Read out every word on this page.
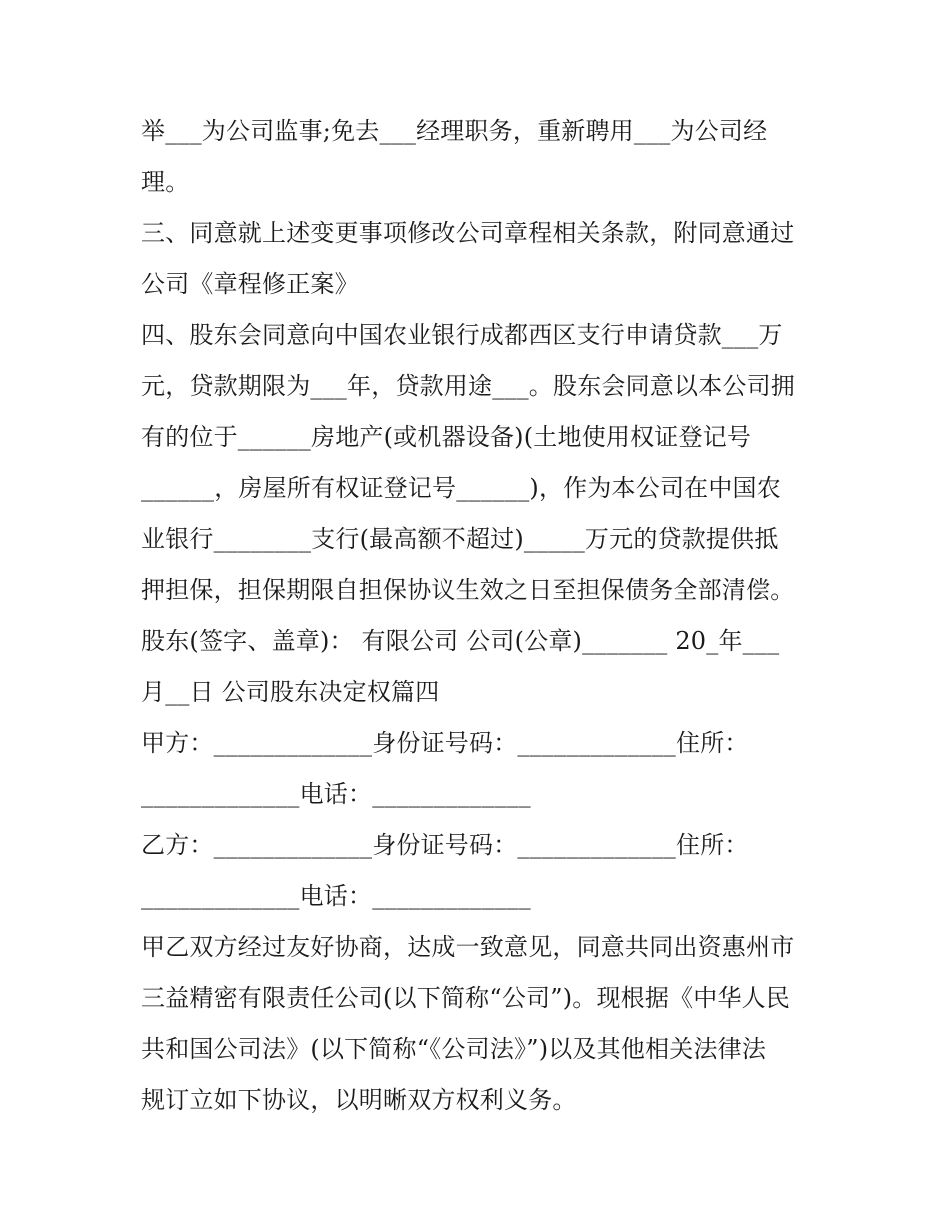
举___为公司监事;免去___经理职务，重新聘用___为公司经
理。
三、同意就上述变更事项修改公司章程相关条款，附同意通过
公司《章程修正案》
四、股东会同意向中国农业银行成都西区支行申请贷款___万
元，贷款期限为___年，贷款用途___。股东会同意以本公司拥
有的位于______房地产(或机器设备)(土地使用权证登记号
______，房屋所有权证登记号______)，作为本公司在中国农
业银行________支行(最高额不超过)_____万元的贷款提供抵
押担保，担保期限自担保协议生效之日至担保债务全部清偿。
股东(签字、盖章)： 有限公司 公司(公章)_______ 20_年___
月__日 公司股东决定权篇四
甲方：_____________身份证号码：_____________住所：
_____________电话：_____________
乙方：_____________身份证号码：_____________住所：
_____________电话：_____________
甲乙双方经过友好协商，达成一致意见，同意共同出资惠州市
三益精密有限责任公司(以下简称“公司”)。现根据《中华人民
共和国公司法》(以下简称“《公司法》”)以及其他相关法律法
规订立如下协议，以明晰双方权利义务。
